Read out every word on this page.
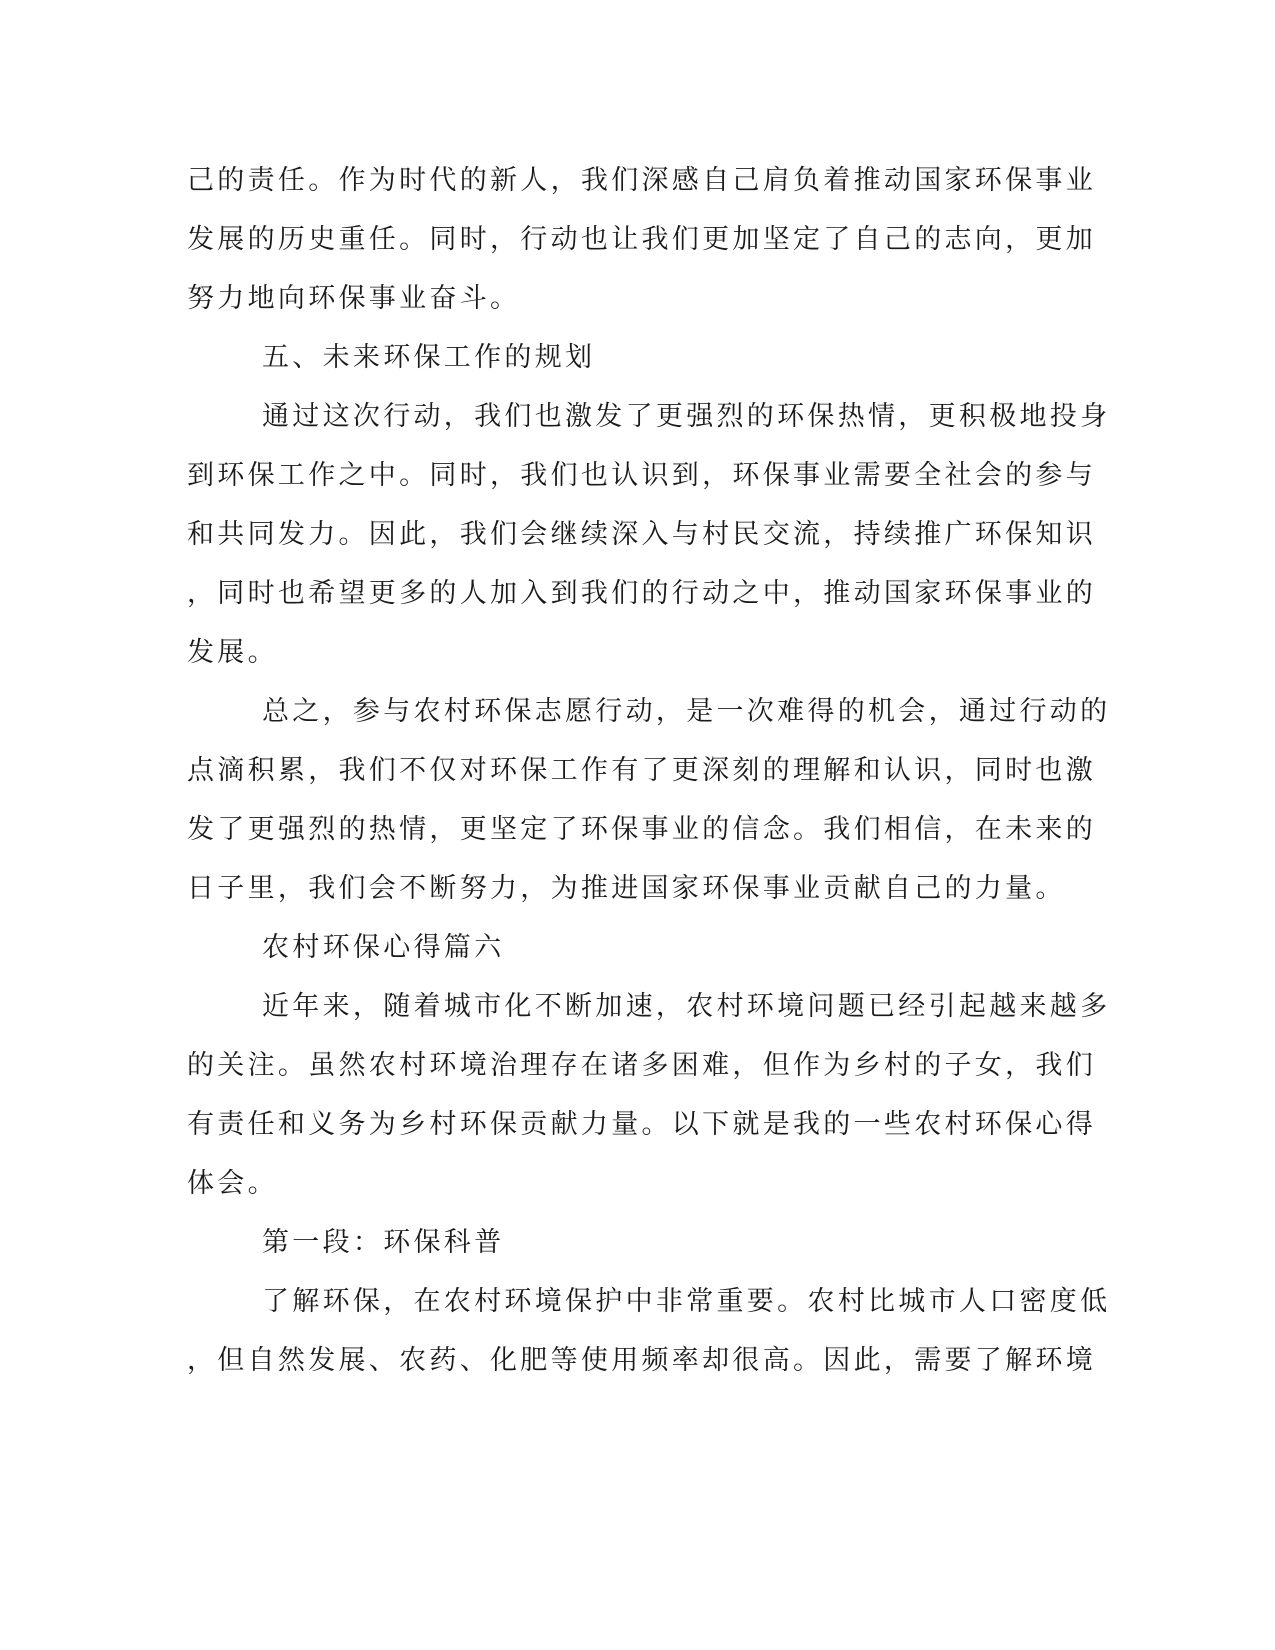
己的责任。作为时代的新人，我们深感自己肩负着推动国家环保事业
发展的历史重任。同时，行动也让我们更加坚定了自己的志向，更加
努力地向环保事业奋斗。
五、未来环保工作的规划
通过这次行动，我们也激发了更强烈的环保热情，更积极地投身
到环保工作之中。同时，我们也认识到，环保事业需要全社会的参与
和共同发力。因此，我们会继续深入与村民交流，持续推广环保知识
，同时也希望更多的人加入到我们的行动之中，推动国家环保事业的
发展。
总之，参与农村环保志愿行动，是一次难得的机会，通过行动的
点滴积累，我们不仅对环保工作有了更深刻的理解和认识，同时也激
发了更强烈的热情，更坚定了环保事业的信念。我们相信，在未来的
日子里，我们会不断努力，为推进国家环保事业贡献自己的力量。
农村环保心得篇六
近年来，随着城市化不断加速，农村环境问题已经引起越来越多
的关注。虽然农村环境治理存在诸多困难，但作为乡村的子女，我们
有责任和义务为乡村环保贡献力量。以下就是我的一些农村环保心得
体会。
第一段：环保科普
了解环保，在农村环境保护中非常重要。农村比城市人口密度低
，但自然发展、农药、化肥等使用频率却很高。因此，需要了解环境
